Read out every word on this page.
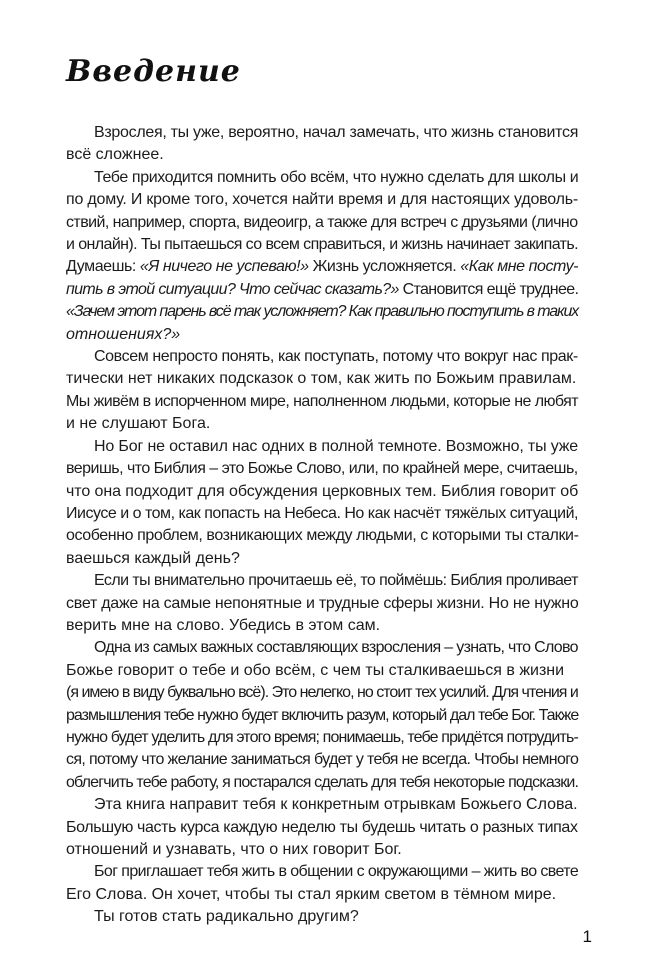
Введение
Взрослея, ты уже, вероятно, начал замечать, что жизнь становится
всё сложнее.
Тебе приходится помнить обо всём, что нужно сделать для школы и
по дому. И кроме того, хочется найти время и для настоящих удоволь-
ствий, например, спорта, видеоигр, а также для встреч с друзьями (лично
и онлайн). Ты пытаешься со всем справиться, и жизнь начинает закипать.
Думаешь: «Я ничего не успеваю!» Жизнь усложняется. «Как мне посту-
пить в этой ситуации? Что сейчас сказать?» Становится ещё труднее.
«Зачем этот парень всё так усложняет? Как правильно поступить в таких
отношениях?»
Совсем непросто понять, как поступать, потому что вокруг нас прак-
тически нет никаких подсказок о том, как жить по Божьим правилам.
Мы живём в испорченном мире, наполненном людьми, которые не любят
и не слушают Бога.
Но Бог не оставил нас одних в полной темноте. Возможно, ты уже
веришь, что Библия – это Божье Слово, или, по крайней мере, считаешь,
что она подходит для обсуждения церковных тем. Библия говорит об
Иисусе и о том, как попасть на Небеса. Но как насчёт тяжёлых ситуаций,
особенно проблем, возникающих между людьми, с которыми ты сталки-
ваешься каждый день?
Если ты внимательно прочитаешь её, то поймёшь: Библия проливает
свет даже на самые непонятные и трудные сферы жизни. Но не нужно
верить мне на слово. Убедись в этом сам.
Одна из самых важных составляющих взросления – узнать, что Слово
Божье говорит о тебе и обо всём, с чем ты сталкиваешься в жизни
(я имею в виду буквально всё). Это нелегко, но стоит тех усилий. Для чтения и
размышления тебе нужно будет включить разум, который дал тебе Бог. Также
нужно будет уделить для этого время; понимаешь, тебе придётся потрудить-
ся, потому что желание заниматься будет у тебя не всегда. Чтобы немного
облегчить тебе работу, я постарался сделать для тебя некоторые подсказки.
Эта книга направит тебя к конкретным отрывкам Божьего Слова.
Большую часть курса каждую неделю ты будешь читать о разных типах
отношений и узнавать, что о них говорит Бог.
Бог приглашает тебя жить в общении с окружающими – жить во свете
Его Слова. Он хочет, чтобы ты стал ярким светом в тёмном мире.
Ты готов стать радикально другим?
1
